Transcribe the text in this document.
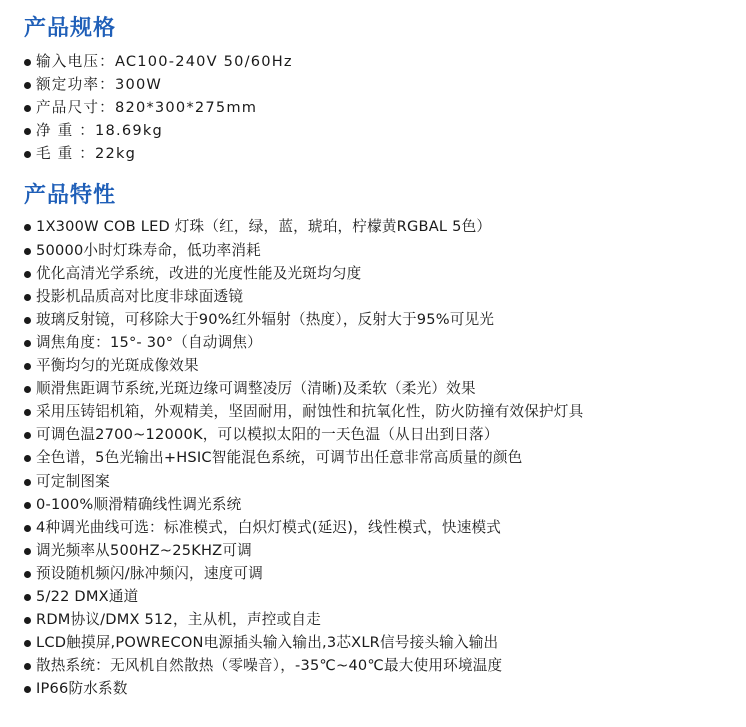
产品规格
输入电压：AC100-240V 50/60Hz
额定功率：300W
产品尺寸：820*300*275mm
净 重 ：18.69kg
毛 重 ：22kg
产品特性
1X300W COB LED 灯珠（红，绿，蓝，琥珀，柠檬黄RGBAL 5色）
50000小时灯珠寿命，低功率消耗
优化高清光学系统，改进的光度性能及光斑均匀度
投影机品质高对比度非球面透镜
玻璃反射镜，可移除大于90%红外辐射（热度），反射大于95%可见光
调焦角度：15°- 30°（自动调焦）
平衡均匀的光斑成像效果
顺滑焦距调节系统,光斑边缘可调整凌厉（清晰)及柔软（柔光）效果
采用压铸铝机箱，外观精美，坚固耐用，耐蚀性和抗氧化性，防火防撞有效保护灯具
可调色温2700~12000K，可以模拟太阳的一天色温（从日出到日落）
全色谱，5色光输出+HSIC智能混色系统，可调节出任意非常高质量的颜色
可定制图案
0-100%顺滑精确线性调光系统
4种调光曲线可选：标准模式，白炽灯模式(延迟)，线性模式，快速模式
调光频率从500HZ~25KHZ可调
预设随机频闪/脉冲频闪，速度可调
5/22 DMX通道
RDM协议/DMX 512，主从机，声控或自走
LCD触摸屏,POWRECON电源插头输入输出,3芯XLR信号接头输入输出
散热系统：无风机自然散热（零噪音），-35℃~40℃最大使用环境温度
IP66防水系数
